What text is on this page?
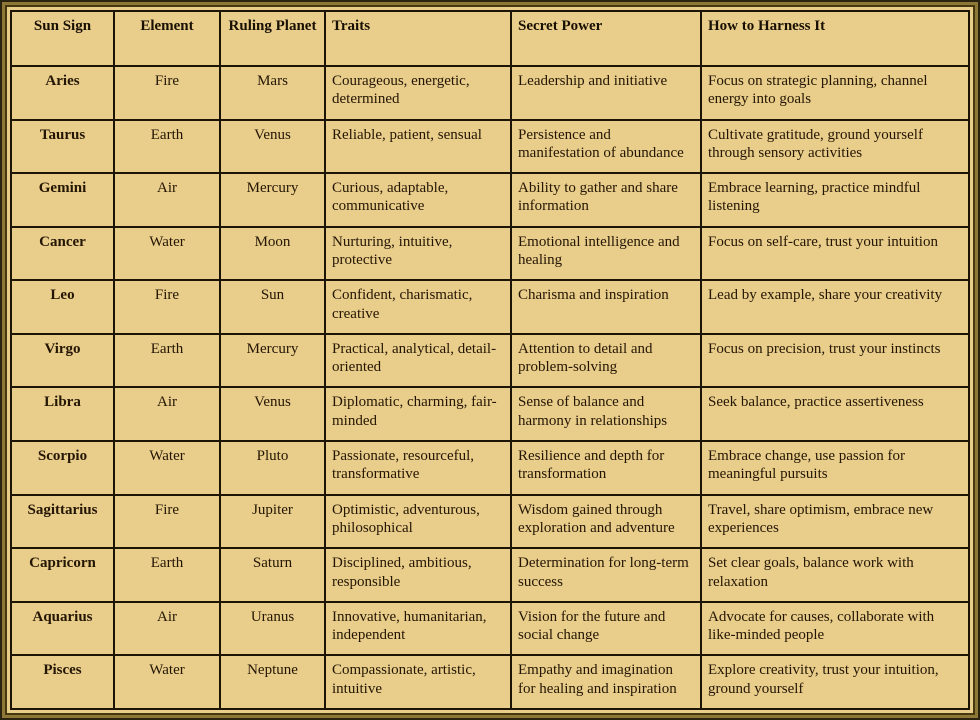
Sun Sign	Element	Ruling Planet	Traits	Secret Power	How to Harness It
Aries	Fire	Mars	Courageous, energetic, determined	Leadership and initiative	Focus on strategic planning, channel energy into goals
Taurus	Earth	Venus	Reliable, patient, sensual	Persistence and manifestation of abundance	Cultivate gratitude, ground yourself through sensory activities
Gemini	Air	Mercury	Curious, adaptable, communicative	Ability to gather and share information	Embrace learning, practice mindful listening
Cancer	Water	Moon	Nurturing, intuitive, protective	Emotional intelligence and healing	Focus on self-care, trust your intuition
Leo	Fire	Sun	Confident, charismatic, creative	Charisma and inspiration	Lead by example, share your creativity
Virgo	Earth	Mercury	Practical, analytical, detail-oriented	Attention to detail and problem-solving	Focus on precision, trust your instincts
Libra	Air	Venus	Diplomatic, charming, fair-minded	Sense of balance and harmony in relationships	Seek balance, practice assertiveness
Scorpio	Water	Pluto	Passionate, resourceful, transformative	Resilience and depth for transformation	Embrace change, use passion for meaningful pursuits
Sagittarius	Fire	Jupiter	Optimistic, adventurous, philosophical	Wisdom gained through exploration and adventure	Travel, share optimism, embrace new experiences
Capricorn	Earth	Saturn	Disciplined, ambitious, responsible	Determination for long-term success	Set clear goals, balance work with relaxation
Aquarius	Air	Uranus	Innovative, humanitarian, independent	Vision for the future and social change	Advocate for causes, collaborate with like-minded people
Pisces	Water	Neptune	Compassionate, artistic, intuitive	Empathy and imagination for healing and inspiration	Explore creativity, trust your intuition, ground yourself
